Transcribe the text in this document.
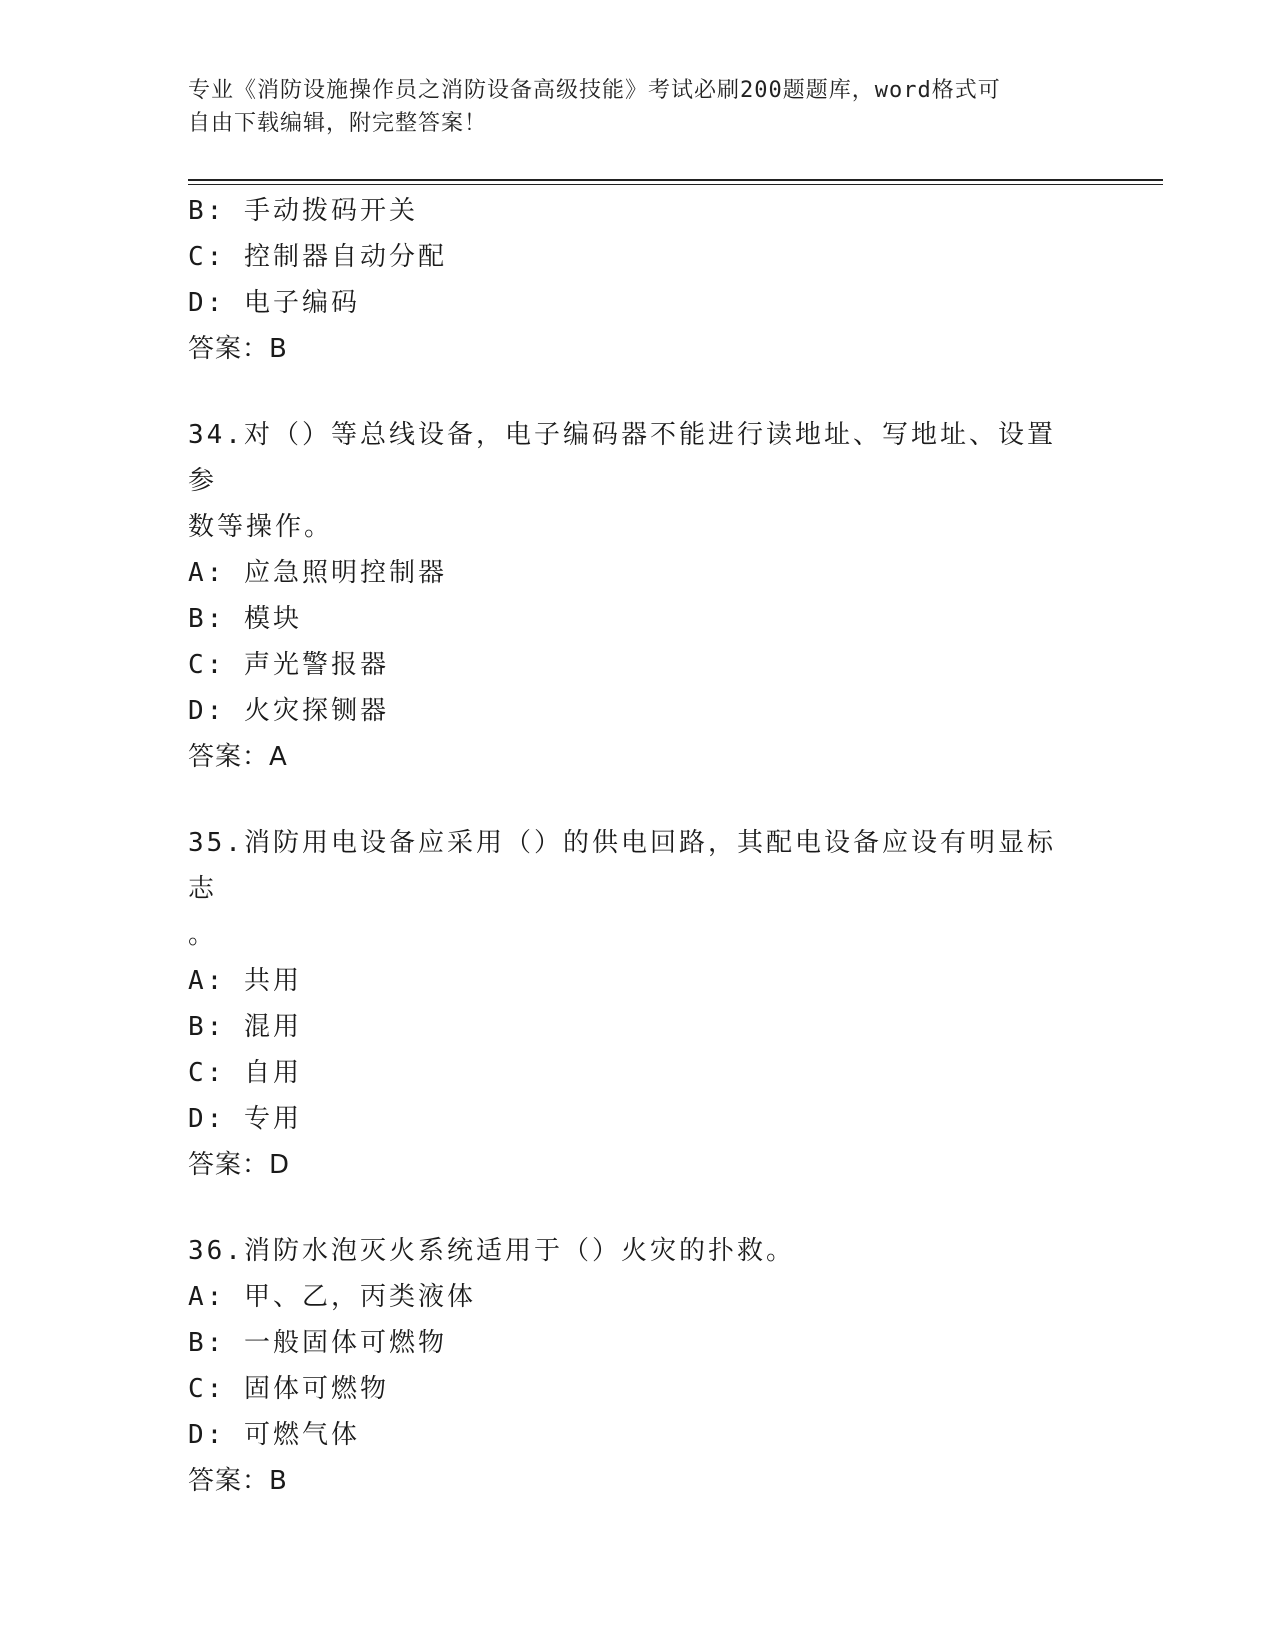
专业《消防设施操作员之消防设备高级技能》考试必刷200题题库，word格式可
自由下载编辑，附完整答案！
B: 手动拨码开关
C: 控制器自动分配
D: 电子编码
答案：B
34.对（）等总线设备，电子编码器不能进行读地址、写地址、设置参
数等操作。
A: 应急照明控制器
B: 模块
C: 声光警报器
D: 火灾探铡器
答案：A
35.消防用电设备应采用（）的供电回路，其配电设备应设有明显标志
。
A: 共用
B: 混用
C: 自用
D: 专用
答案：D
36.消防水泡灭火系统适用于（）火灾的扑救。
A: 甲、乙，丙类液体
B: 一般固体可燃物
C: 固体可燃物
D: 可燃气体
答案：B
